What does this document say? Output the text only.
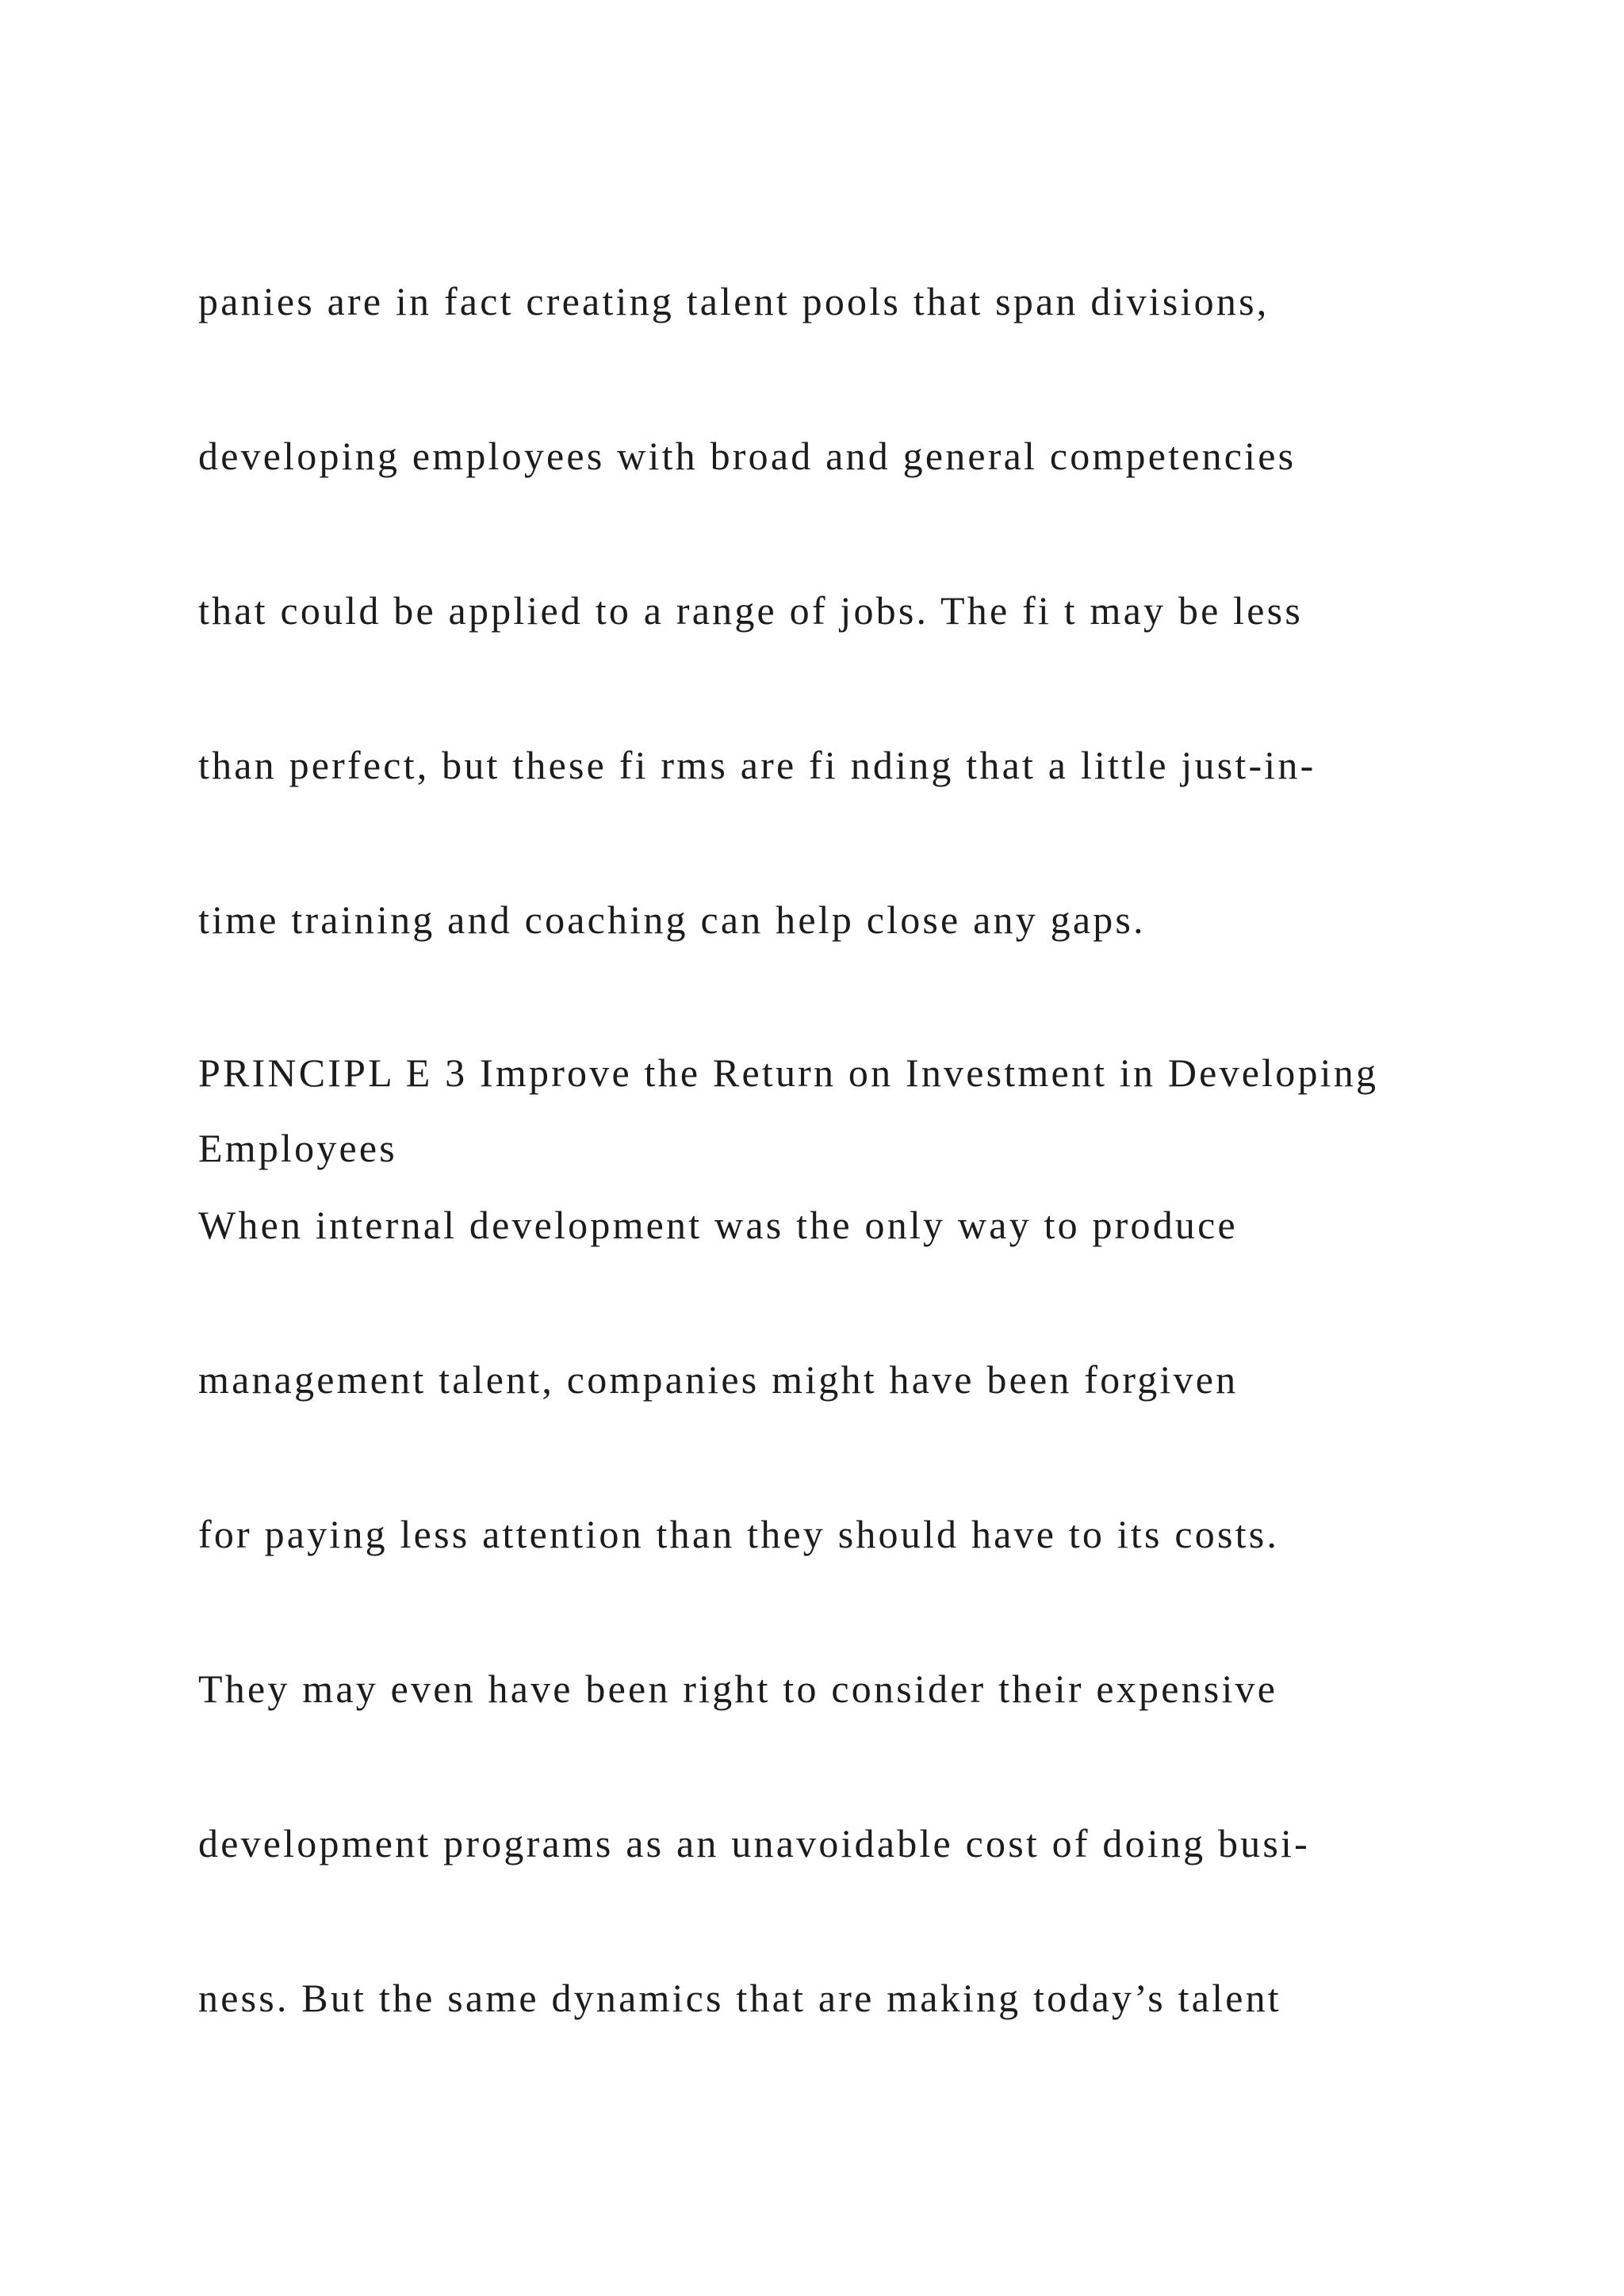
panies are in fact creating talent pools that span divisions,
developing employees with broad and general competencies
that could be applied to a range of jobs. The fi t may be less
than perfect, but these fi rms are fi nding that a little just-in-
time training and coaching can help close any gaps.
PRINCIPL E 3 Improve the Return on Investment in Developing
Employees
When internal development was the only way to produce
management talent, companies might have been forgiven
for paying less attention than they should have to its costs.
They may even have been right to consider their expensive
development programs as an unavoidable cost of doing busi-
ness. But the same dynamics that are making today’s talent
